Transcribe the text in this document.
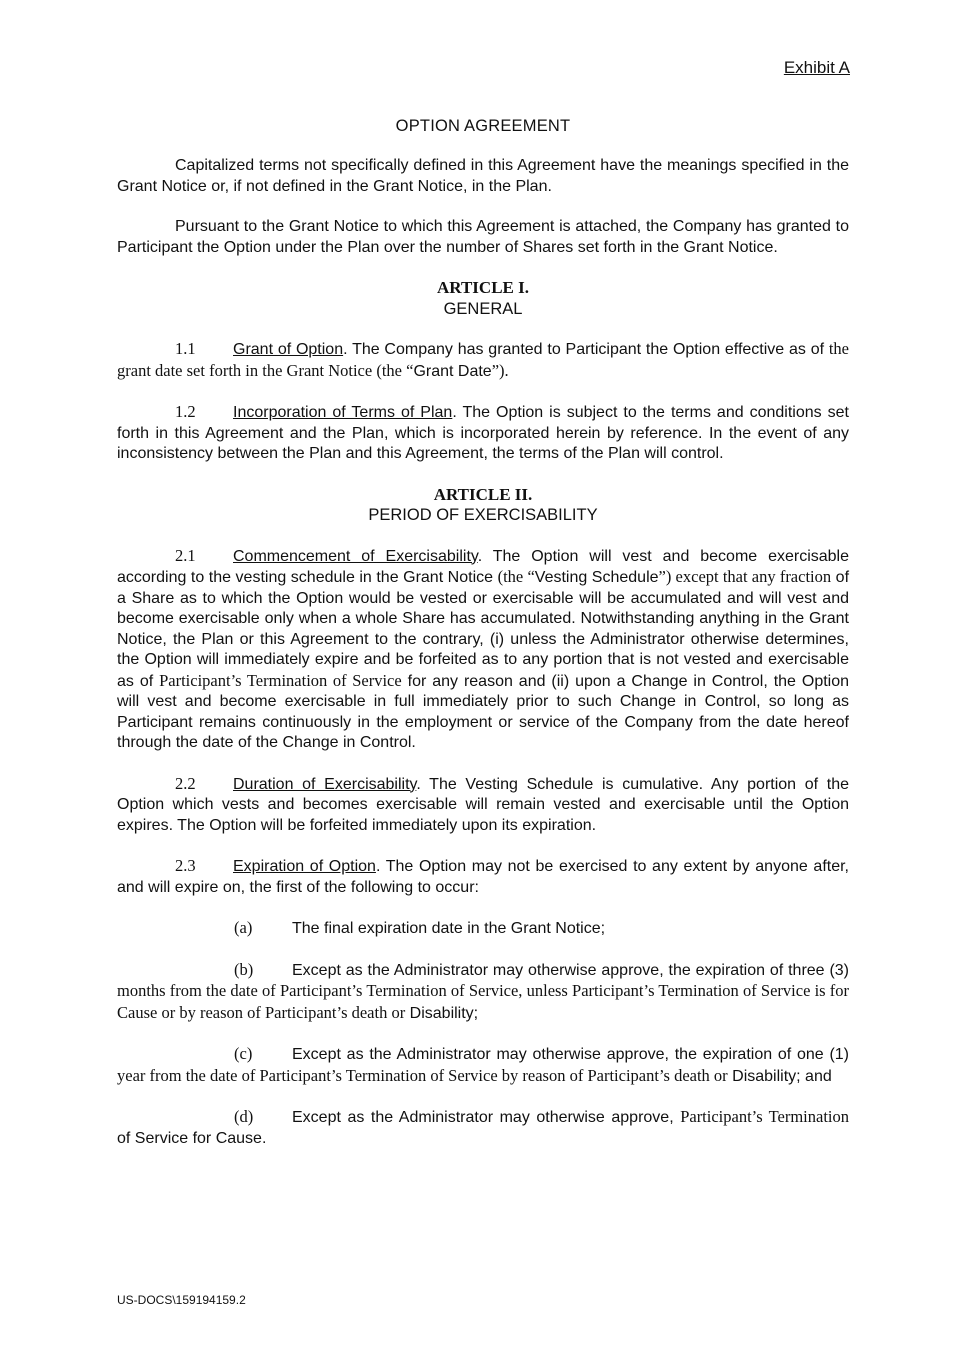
Exhibit A
OPTION AGREEMENT

Capitalized terms not specifically defined in this Agreement have the meanings specified in the Grant Notice or, if not defined in the Grant Notice, in the Plan.

Pursuant to the Grant Notice to which this Agreement is attached, the Company has granted to Participant the Option under the Plan over the number of Shares set forth in the Grant Notice.

ARTICLE I.
GENERAL

1.1 Grant of Option. The Company has granted to Participant the Option effective as of the grant date set forth in the Grant Notice (the “Grant Date”).

1.2 Incorporation of Terms of Plan. The Option is subject to the terms and conditions set forth in this Agreement and the Plan, which is incorporated herein by reference. In the event of any inconsistency between the Plan and this Agreement, the terms of the Plan will control.

ARTICLE II.
PERIOD OF EXERCISABILITY

2.1 Commencement of Exercisability. The Option will vest and become exercisable according to the vesting schedule in the Grant Notice (the “Vesting Schedule”) except that any fraction of a Share as to which the Option would be vested or exercisable will be accumulated and will vest and become exercisable only when a whole Share has accumulated. Notwithstanding anything in the Grant Notice, the Plan or this Agreement to the contrary, (i) unless the Administrator otherwise determines, the Option will immediately expire and be forfeited as to any portion that is not vested and exercisable as of Participant’s Termination of Service for any reason and (ii) upon a Change in Control, the Option will vest and become exercisable in full immediately prior to such Change in Control, so long as Participant remains continuously in the employment or service of the Company from the date hereof through the date of the Change in Control.

2.2 Duration of Exercisability. The Vesting Schedule is cumulative. Any portion of the Option which vests and becomes exercisable will remain vested and exercisable until the Option expires. The Option will be forfeited immediately upon its expiration.

2.3 Expiration of Option. The Option may not be exercised to any extent by anyone after, and will expire on, the first of the following to occur:

(a) The final expiration date in the Grant Notice;

(b) Except as the Administrator may otherwise approve, the expiration of three (3) months from the date of Participant’s Termination of Service, unless Participant’s Termination of Service is for Cause or by reason of Participant’s death or Disability;

(c) Except as the Administrator may otherwise approve, the expiration of one (1) year from the date of Participant’s Termination of Service by reason of Participant’s death or Disability; and

(d) Except as the Administrator may otherwise approve, Participant’s Termination of Service for Cause.

US-DOCS\159194159.2
